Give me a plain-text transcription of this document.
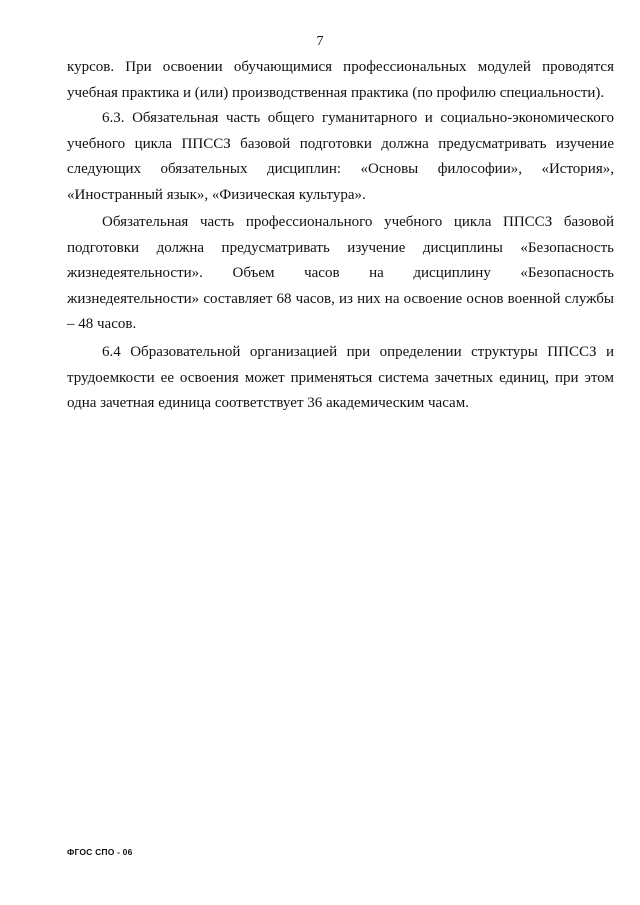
7

курсов. При освоении обучающимися профессиональных модулей проводятся учебная практика и (или) производственная практика (по профилю специальности).

6.3. Обязательная часть общего гуманитарного и социально-экономического учебного цикла ППССЗ базовой подготовки должна предусматривать изучение следующих обязательных дисциплин: «Основы философии», «История», «Иностранный язык», «Физическая культура».

Обязательная часть профессионального учебного цикла ППССЗ базовой подготовки должна предусматривать изучение дисциплины «Безопасность жизнедеятельности». Объем часов на дисциплину «Безопасность жизнедеятельности» составляет 68 часов, из них на освоение основ военной службы – 48 часов.

6.4 Образовательной организацией при определении структуры ППССЗ и трудоемкости ее освоения может применяться система зачетных единиц, при этом одна зачетная единица соответствует 36 академическим часам.

ФГОС СПО - 06
